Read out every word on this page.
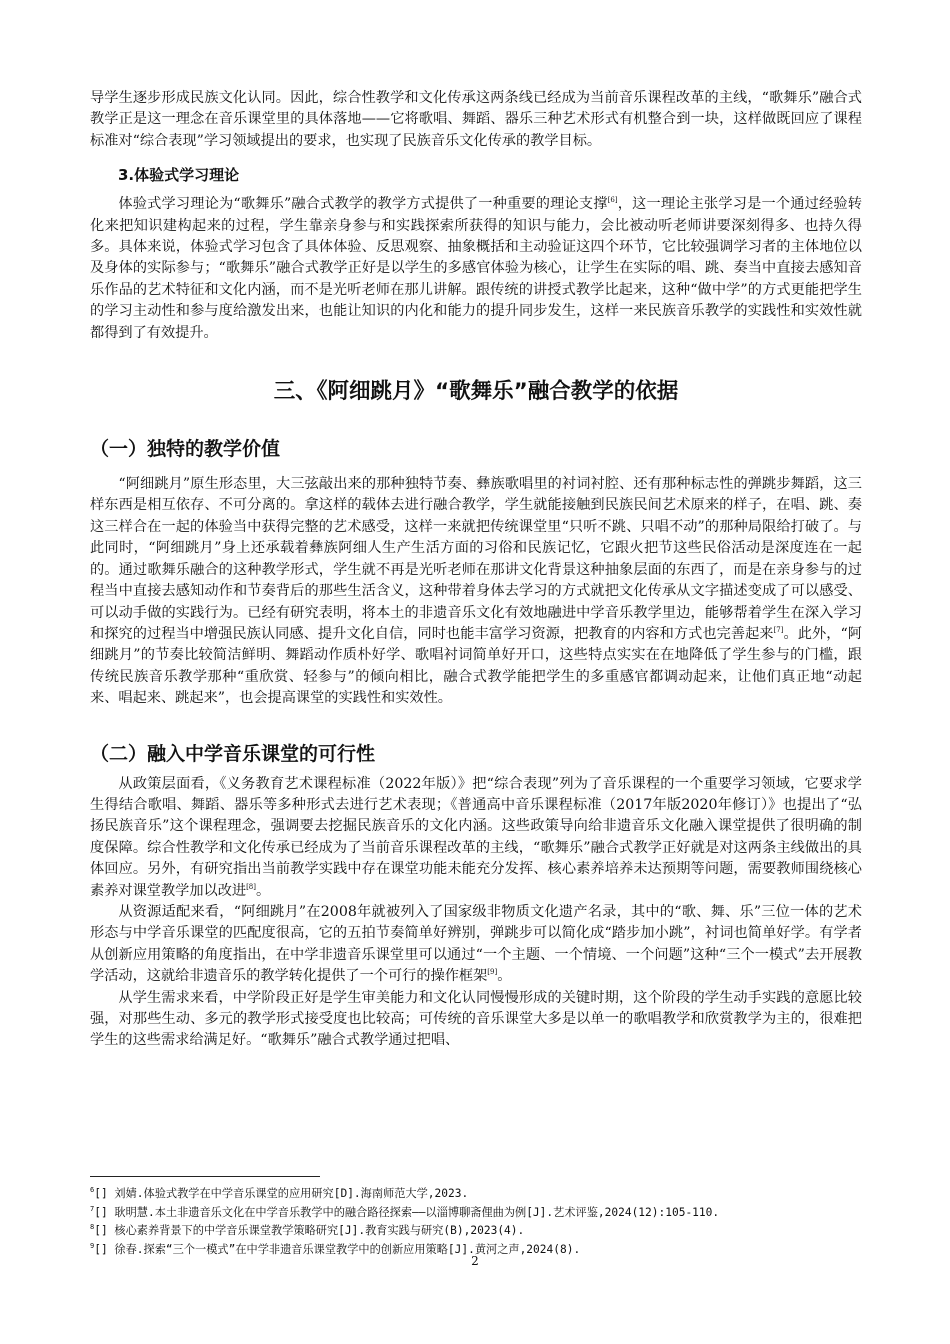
导学生逐步形成民族文化认同。因此，综合性教学和文化传承这两条线已经成为当前音乐课程改革的主线，“歌舞乐”融合式教学正是这一理念在音乐课堂里的具体落地——它将歌唱、舞蹈、器乐三种艺术形式有机整合到一块，这样做既回应了课程标准对“综合表现”学习领域提出的要求，也实现了民族音乐文化传承的教学目标。

3.体验式学习理论

体验式学习理论为“歌舞乐”融合式教学的教学方式提供了一种重要的理论支撑[6]，这一理论主张学习是一个通过经验转化来把知识建构起来的过程，学生靠亲身参与和实践探索所获得的知识与能力，会比被动听老师讲要深刻得多、也持久得多。具体来说，体验式学习包含了具体体验、反思观察、抽象概括和主动验证这四个环节，它比较强调学习者的主体地位以及身体的实际参与；“歌舞乐”融合式教学正好是以学生的多感官体验为核心，让学生在实际的唱、跳、奏当中直接去感知音乐作品的艺术特征和文化内涵，而不是光听老师在那儿讲解。跟传统的讲授式教学比起来，这种“做中学”的方式更能把学生的学习主动性和参与度给激发出来，也能让知识的内化和能力的提升同步发生，这样一来民族音乐教学的实践性和实效性就都得到了有效提升。

三、《阿细跳月》“歌舞乐”融合教学的依据
（一）独特的教学价值

“阿细跳月”原生形态里，大三弦敲出来的那种独特节奏、彝族歌唱里的衬词衬腔、还有那种标志性的弹跳步舞蹈，这三样东西是相互依存、不可分离的。拿这样的载体去进行融合教学，学生就能接触到民族民间艺术原来的样子，在唱、跳、奏这三样合在一起的体验当中获得完整的艺术感受，这样一来就把传统课堂里“只听不跳、只唱不动”的那种局限给打破了。与此同时，“阿细跳月”身上还承载着彝族阿细人生产生活方面的习俗和民族记忆，它跟火把节这些民俗活动是深度连在一起的。通过歌舞乐融合的这种教学形式，学生就不再是光听老师在那讲文化背景这种抽象层面的东西了，而是在亲身参与的过程当中直接去感知动作和节奏背后的那些生活含义，这种带着身体去学习的方式就把文化传承从文字描述变成了可以感受、可以动手做的实践行为。已经有研究表明，将本土的非遗音乐文化有效地融进中学音乐教学里边，能够帮着学生在深入学习和探究的过程当中增强民族认同感、提升文化自信，同时也能丰富学习资源，把教育的内容和方式也完善起来[7]。此外，“阿细跳月”的节奏比较简洁鲜明、舞蹈动作质朴好学、歌唱衬词简单好开口，这些特点实实在在地降低了学生参与的门槛，跟传统民族音乐教学那种“重欣赏、轻参与”的倾向相比，融合式教学能把学生的多重感官都调动起来，让他们真正地“动起来、唱起来、跳起来”，也会提高课堂的实践性和实效性。

（二）融入中学音乐课堂的可行性

从政策层面看，《义务教育艺术课程标准（2022年版）》把“综合表现”列为了音乐课程的一个重要学习领域，它要求学生得结合歌唱、舞蹈、器乐等多种形式去进行艺术表现；《普通高中音乐课程标准（2017年版2020年修订）》也提出了“弘扬民族音乐”这个课程理念，强调要去挖掘民族音乐的文化内涵。这些政策导向给非遗音乐文化融入课堂提供了很明确的制度保障。综合性教学和文化传承已经成为了当前音乐课程改革的主线，“歌舞乐”融合式教学正好就是对这两条主线做出的具体回应。另外，有研究指出当前教学实践中存在课堂功能未能充分发挥、核心素养培养未达预期等问题，需要教师围绕核心素养对课堂教学加以改进[8]。

从资源适配来看，“阿细跳月”在2008年就被列入了国家级非物质文化遗产名录，其中的“歌、舞、乐”三位一体的艺术形态与中学音乐课堂的匹配度很高，它的五拍节奏简单好辨别，弹跳步可以简化成“踏步加小跳”，衬词也简单好学。有学者从创新应用策略的角度指出，在中学非遗音乐课堂里可以通过“一个主题、一个情境、一个问题”这种“三个一模式”去开展教学活动，这就给非遗音乐的教学转化提供了一个可行的操作框架[9]。

从学生需求来看，中学阶段正好是学生审美能力和文化认同慢慢形成的关键时期，这个阶段的学生动手实践的意愿比较强，对那些生动、多元的教学形式接受度也比较高；可传统的音乐课堂大多是以单一的歌唱教学和欣赏教学为主的，很难把学生的这些需求给满足好。“歌舞乐”融合式教学通过把唱、

$^6$[] 刘婧.体验式教学在中学音乐课堂的应用研究[D].海南师范大学,2023.

$^7$[] 耿明慧.本土非遗音乐文化在中学音乐教学中的融合路径探索——以淄博聊斋俚曲为例[J].艺术评鉴,2024(12):105-110.

$^8$[] 核心素养背景下的中学音乐课堂教学策略研究[J].教育实践与研究(B),2023(4).

$^9$[] 徐春.探索“三个一模式”在中学非遗音乐课堂教学中的创新应用策略[J].黄河之声,2024(8).

2
